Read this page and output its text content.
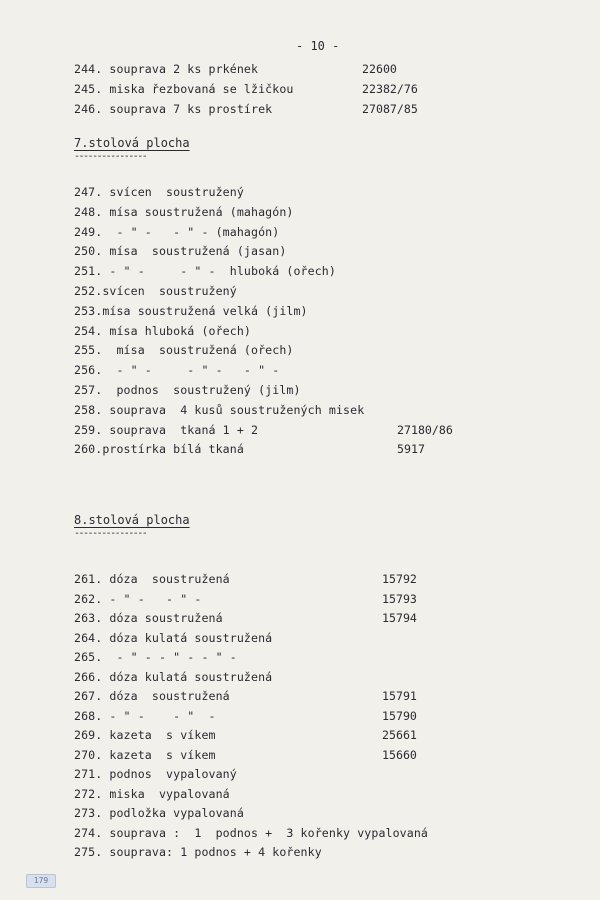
- 10 -
244. souprava 2 ks prkének	22600
245. miska řezbovaná se lžičkou	22382/76
246. souprava 7 ks prostírek	27087/85
7.stolová plocha
----------------
247. svícen  soustružený
248. mísa soustružená (mahagón)
249.  - " -   - " - (mahagón)
250. mísa  soustružená (jasan)
251. - " -     - " -  hluboká (ořech)
252.svícen  soustružený
253.mísa soustružená velká (jilm)
254. mísa hluboká (ořech)
255.  mísa  soustružená (ořech)
256.  - " -     - " -   - " -
257.  podnos  soustružený (jilm)
258. souprava  4 kusů soustružených misek
259. souprava  tkaná 1 + 2	27180/86
260.prostírka bílá tkaná	5917
8.stolová plocha
----------------
261. dóza  soustružená	15792
262. - " -   - " -	15793
263. dóza soustružená	15794
264. dóza kulatá soustružená
265.  - " - - " - - " -
266. dóza kulatá soustružená
267. dóza  soustružená	15791
268. - " -    - "  -	15790
269. kazeta  s víkem	25661
270. kazeta  s víkem	15660
271. podnos  vypalovaný
272. miska  vypalovaná
273. podložka vypalovaná
274. souprava :  1  podnos +  3 kořenky vypalovaná
275. souprava: 1 podnos + 4 kořenky
179
